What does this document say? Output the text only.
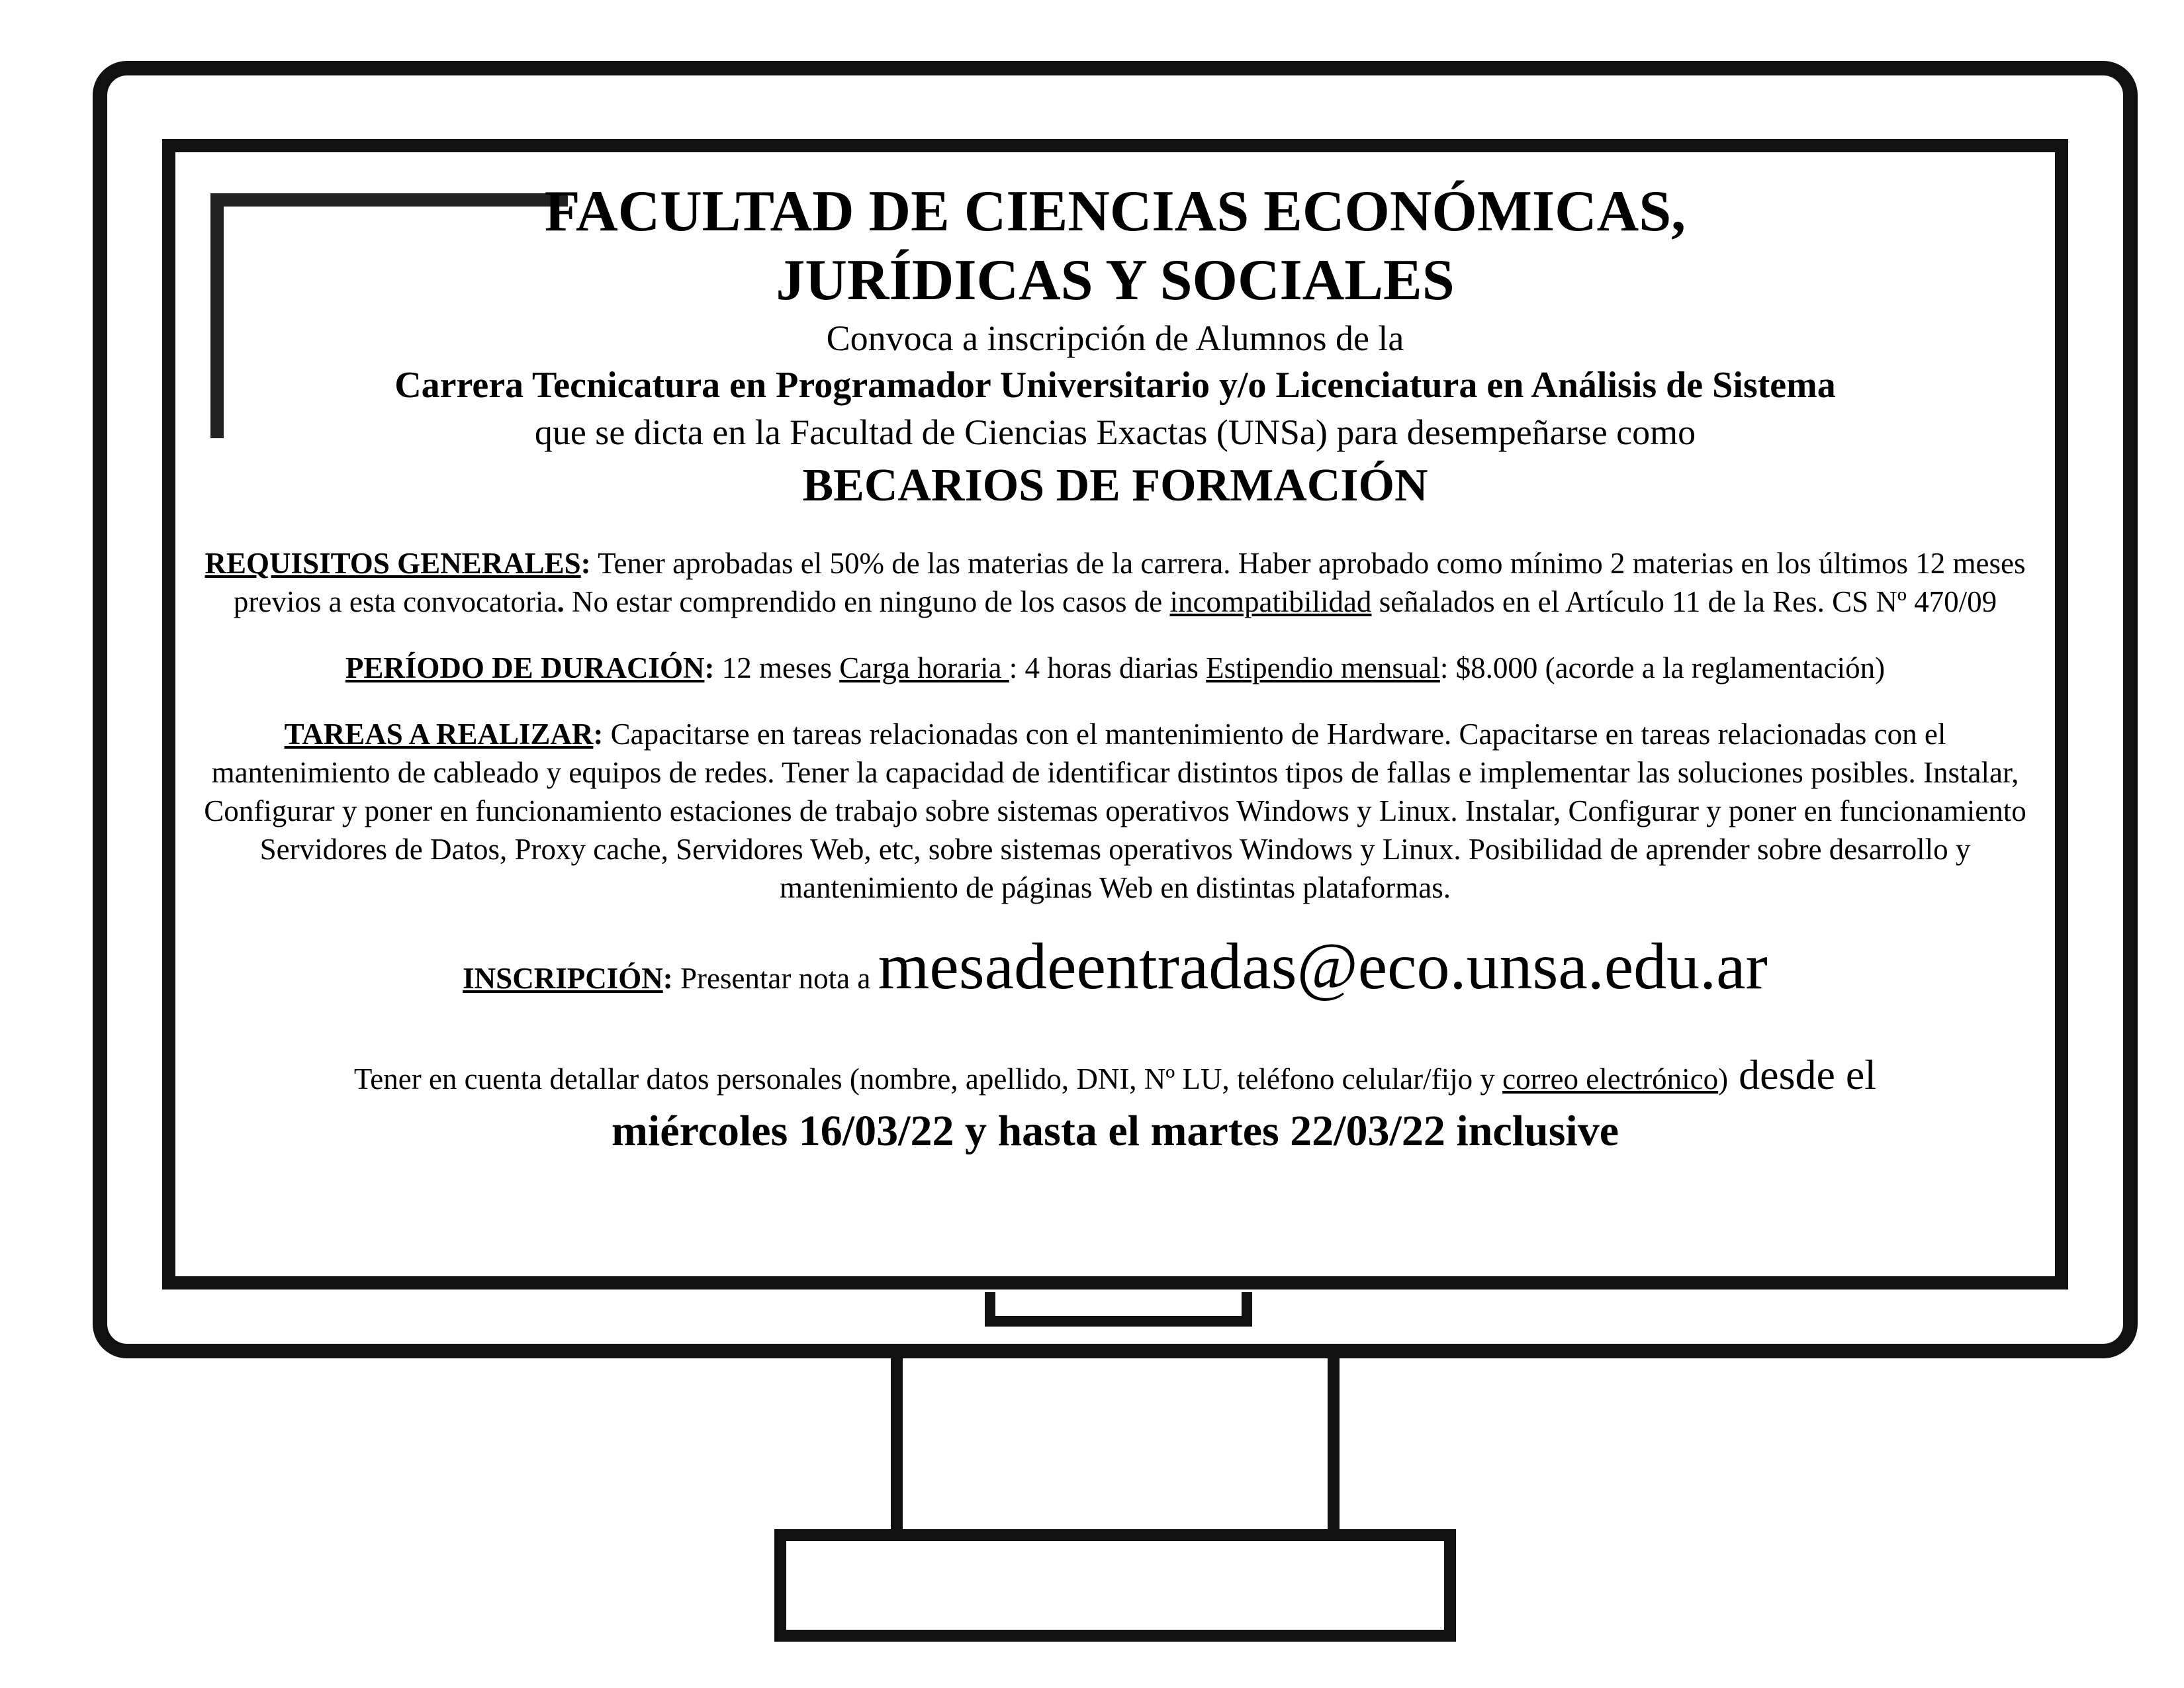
FACULTAD DE CIENCIAS ECONÓMICAS,
JURÍDICAS Y SOCIALES
Convoca a inscripción de Alumnos de la
Carrera Tecnicatura en Programador Universitario y/o Licenciatura en Análisis de Sistema
que se dicta en la Facultad de Ciencias Exactas (UNSa) para desempeñarse como
BECARIOS DE FORMACIÓN
REQUISITOS GENERALES: Tener aprobadas el 50% de las materias de la carrera. Haber aprobado como mínimo 2 materias en los últimos 12 meses previos a esta convocatoria. No estar comprendido en ninguno de los casos de incompatibilidad señalados en el Artículo 11 de la Res. CS Nº 470/09
PERÍODO DE DURACIÓN: 12 meses Carga horaria : 4 horas diarias Estipendio mensual: $8.000 (acorde a la reglamentación)
TAREAS A REALIZAR: Capacitarse en tareas relacionadas con el mantenimiento de Hardware. Capacitarse en tareas relacionadas con el mantenimiento de cableado y equipos de redes. Tener la capacidad de identificar distintos tipos de fallas e implementar las soluciones posibles. Instalar, Configurar y poner en funcionamiento estaciones de trabajo sobre sistemas operativos Windows y Linux. Instalar, Configurar y poner en funcionamiento Servidores de Datos, Proxy cache, Servidores Web, etc, sobre sistemas operativos Windows y Linux. Posibilidad de aprender sobre desarrollo y mantenimiento de páginas Web en distintas plataformas.
INSCRIPCIÓN: Presentar nota a mesadeentradas@eco.unsa.edu.ar
Tener en cuenta detallar datos personales (nombre, apellido, DNI, Nº LU, teléfono celular/fijo y correo electrónico) desde el
miércoles 16/03/22 y hasta el martes 22/03/22 inclusive
